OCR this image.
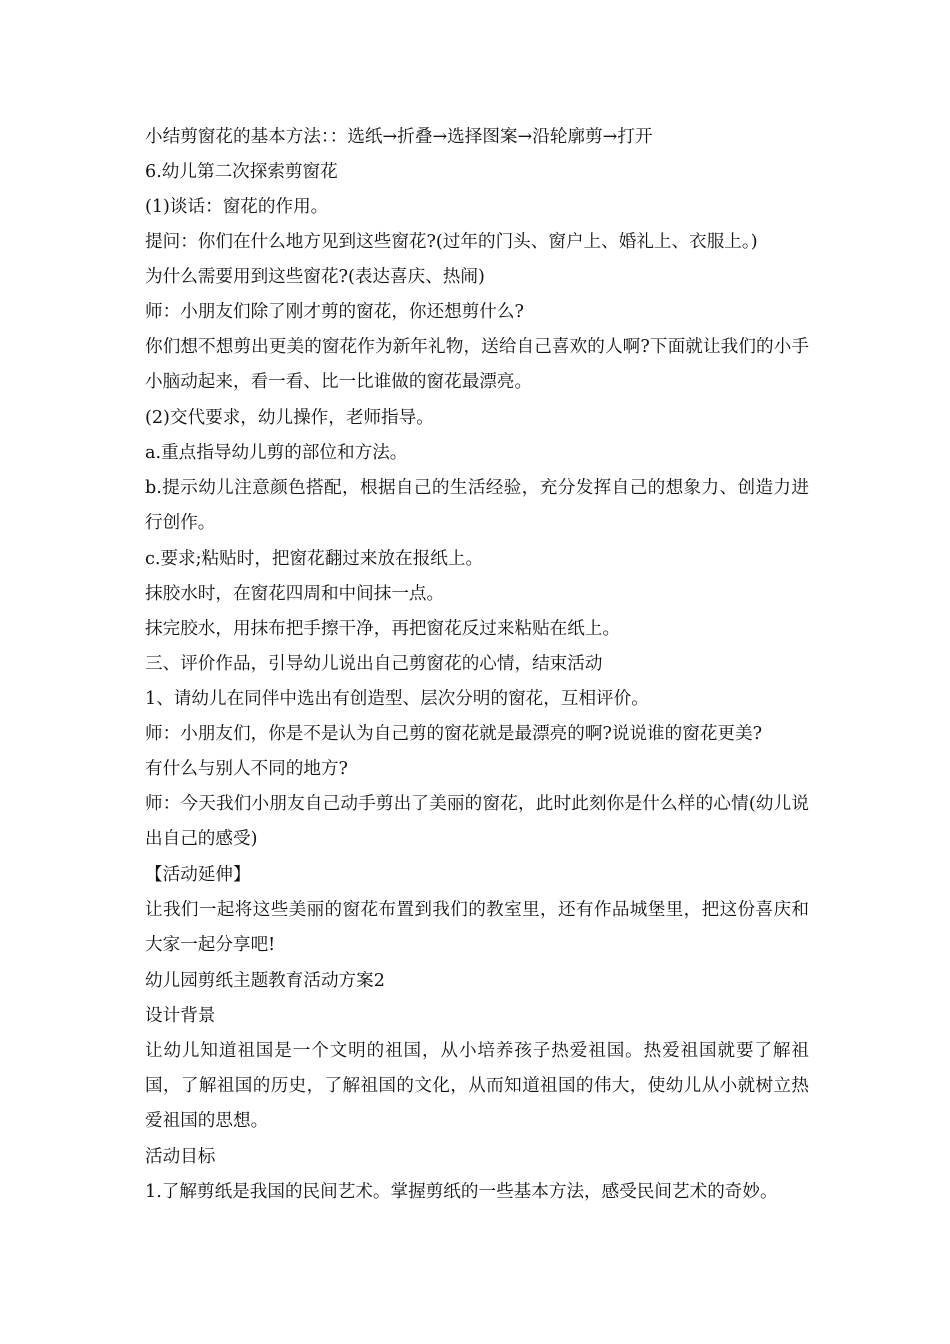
小结剪窗花的基本方法：：选纸→折叠→选择图案→沿轮廓剪→打开

6.幼儿第二次探索剪窗花

(1)谈话：窗花的作用。

提问：你们在什么地方见到这些窗花?(过年的门头、窗户上、婚礼上、衣服上。)

为什么需要用到这些窗花?(表达喜庆、热闹)

师：小朋友们除了刚才剪的窗花，你还想剪什么?

你们想不想剪出更美的窗花作为新年礼物，送给自己喜欢的人啊?下面就让我们的小手小脑动起来，看一看、比一比谁做的窗花最漂亮。

(2)交代要求，幼儿操作，老师指导。

a.重点指导幼儿剪的部位和方法。

b.提示幼儿注意颜色搭配，根据自己的生活经验，充分发挥自己的想象力、创造力进行创作。

c.要求;粘贴时，把窗花翻过来放在报纸上。

抹胶水时，在窗花四周和中间抹一点。

抹完胶水，用抹布把手擦干净，再把窗花反过来粘贴在纸上。

三、评价作品，引导幼儿说出自己剪窗花的心情，结束活动

1、请幼儿在同伴中选出有创造型、层次分明的窗花，互相评价。

师：小朋友们，你是不是认为自己剪的窗花就是最漂亮的啊?说说谁的窗花更美?

有什么与别人不同的地方?

师：今天我们小朋友自己动手剪出了美丽的窗花，此时此刻你是什么样的心情(幼儿说出自己的感受)

【活动延伸】

让我们一起将这些美丽的窗花布置到我们的教室里，还有作品城堡里，把这份喜庆和大家一起分享吧!

幼儿园剪纸主题教育活动方案2

设计背景

让幼儿知道祖国是一个文明的祖国，从小培养孩子热爱祖国。热爱祖国就要了解祖国，了解祖国的历史，了解祖国的文化，从而知道祖国的伟大，使幼儿从小就树立热爱祖国的思想。

活动目标

1.了解剪纸是我国的民间艺术。掌握剪纸的一些基本方法，感受民间艺术的奇妙。
